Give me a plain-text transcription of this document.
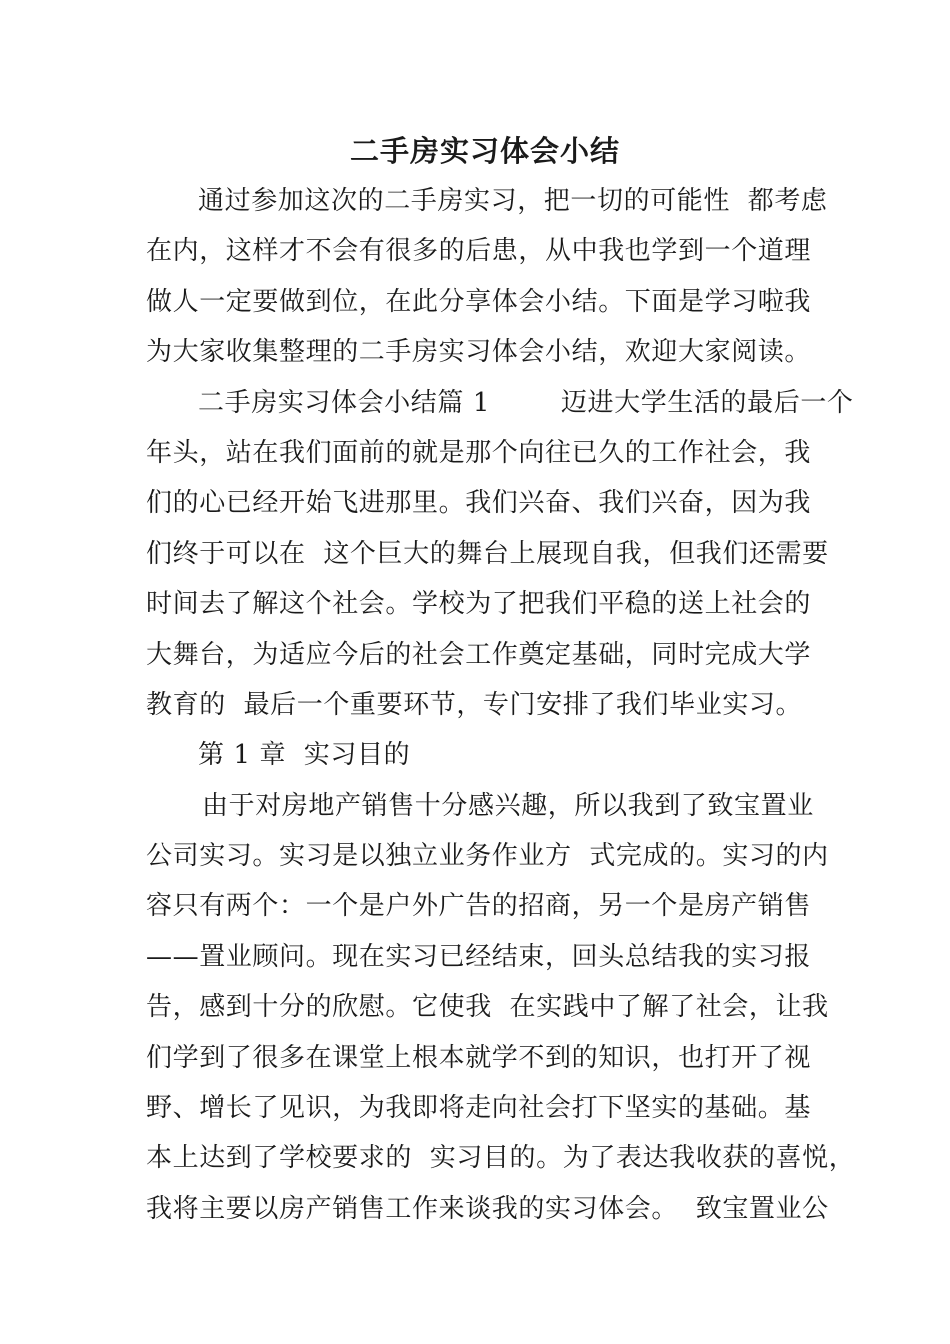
二手房实习体会小结
通过参加这次的二手房实习，把一切的可能性  都考虑
在内，这样才不会有很多的后患，从中我也学到一个道理
做人一定要做到位，在此分享体会小结。下面是学习啦我
为大家收集整理的二手房实习体会小结，欢迎大家阅读。
二手房实习体会小结篇 1        迈进大学生活的最后一个
年头，站在我们面前的就是那个向往已久的工作社会，我
们的心已经开始飞进那里。我们兴奋、我们兴奋，因为我
们终于可以在  这个巨大的舞台上展现自我，但我们还需要
时间去了解这个社会。学校为了把我们平稳的送上社会的
大舞台，为适应今后的社会工作奠定基础，同时完成大学
教育的  最后一个重要环节，专门安排了我们毕业实习。
第 1 章  实习目的
由于对房地产销售十分感兴趣，所以我到了致宝置业
公司实习。实习是以独立业务作业方  式完成的。实习的内
容只有两个：一个是户外广告的招商，另一个是房产销售
——置业顾问。现在实习已经结束，回头总结我的实习报
告，感到十分的欣慰。它使我  在实践中了解了社会，让我
们学到了很多在课堂上根本就学不到的知识，也打开了视
野、增长了见识，为我即将走向社会打下坚实的基础。基
本上达到了学校要求的  实习目的。为了表达我收获的喜悦，
我将主要以房产销售工作来谈我的实习体会。  致宝置业公
